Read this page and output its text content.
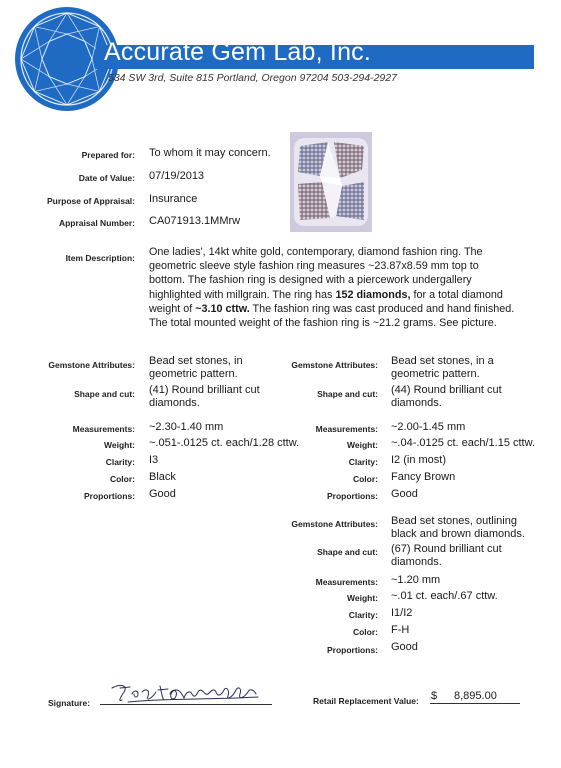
Accurate Gem Lab, Inc.
534 SW 3rd, Suite 815 Portland, Oregon 97204 503-294-2927
Prepared for: To whom it may concern.
Date of Value: 07/19/2013
Purpose of Appraisal: Insurance
Appraisal Number: CA071913.1MMrw
Item Description: One ladies', 14kt white gold, contemporary, diamond fashion ring. The geometric sleeve style fashion ring measures ~23.87x8.59 mm top to bottom. The fashion ring is designed with a piercework undergallery highlighted with millgrain. The ring has 152 diamonds, for a total diamond weight of ~3.10 cttw. The fashion ring was cast produced and hand finished. The total mounted weight of the fashion ring is ~21.2 grams. See picture.
Gemstone Attributes: Bead set stones, in geometric pattern.
Shape and cut: (41) Round brilliant cut diamonds.
Measurements: ~2.30-1.40 mm
Weight: ~.051-.0125 ct. each/1.28 cttw.
Clarity: I3
Color: Black
Proportions: Good
Gemstone Attributes: Bead set stones, in a geometric pattern.
Shape and cut: (44) Round brilliant cut diamonds.
Measurements: ~2.00-1.45 mm
Weight: ~.04-.0125 ct. each/1.15 cttw.
Clarity: I2 (in most)
Color: Fancy Brown
Proportions: Good
Gemstone Attributes: Bead set stones, outlining black and brown diamonds.
Shape and cut: (67) Round brilliant cut diamonds.
Measurements: ~1.20 mm
Weight: ~.01 ct. each/.67 cttw.
Clarity: I1/I2
Color: F-H
Proportions: Good
Signature:	Retail Replacement Value: $ 8,895.00
